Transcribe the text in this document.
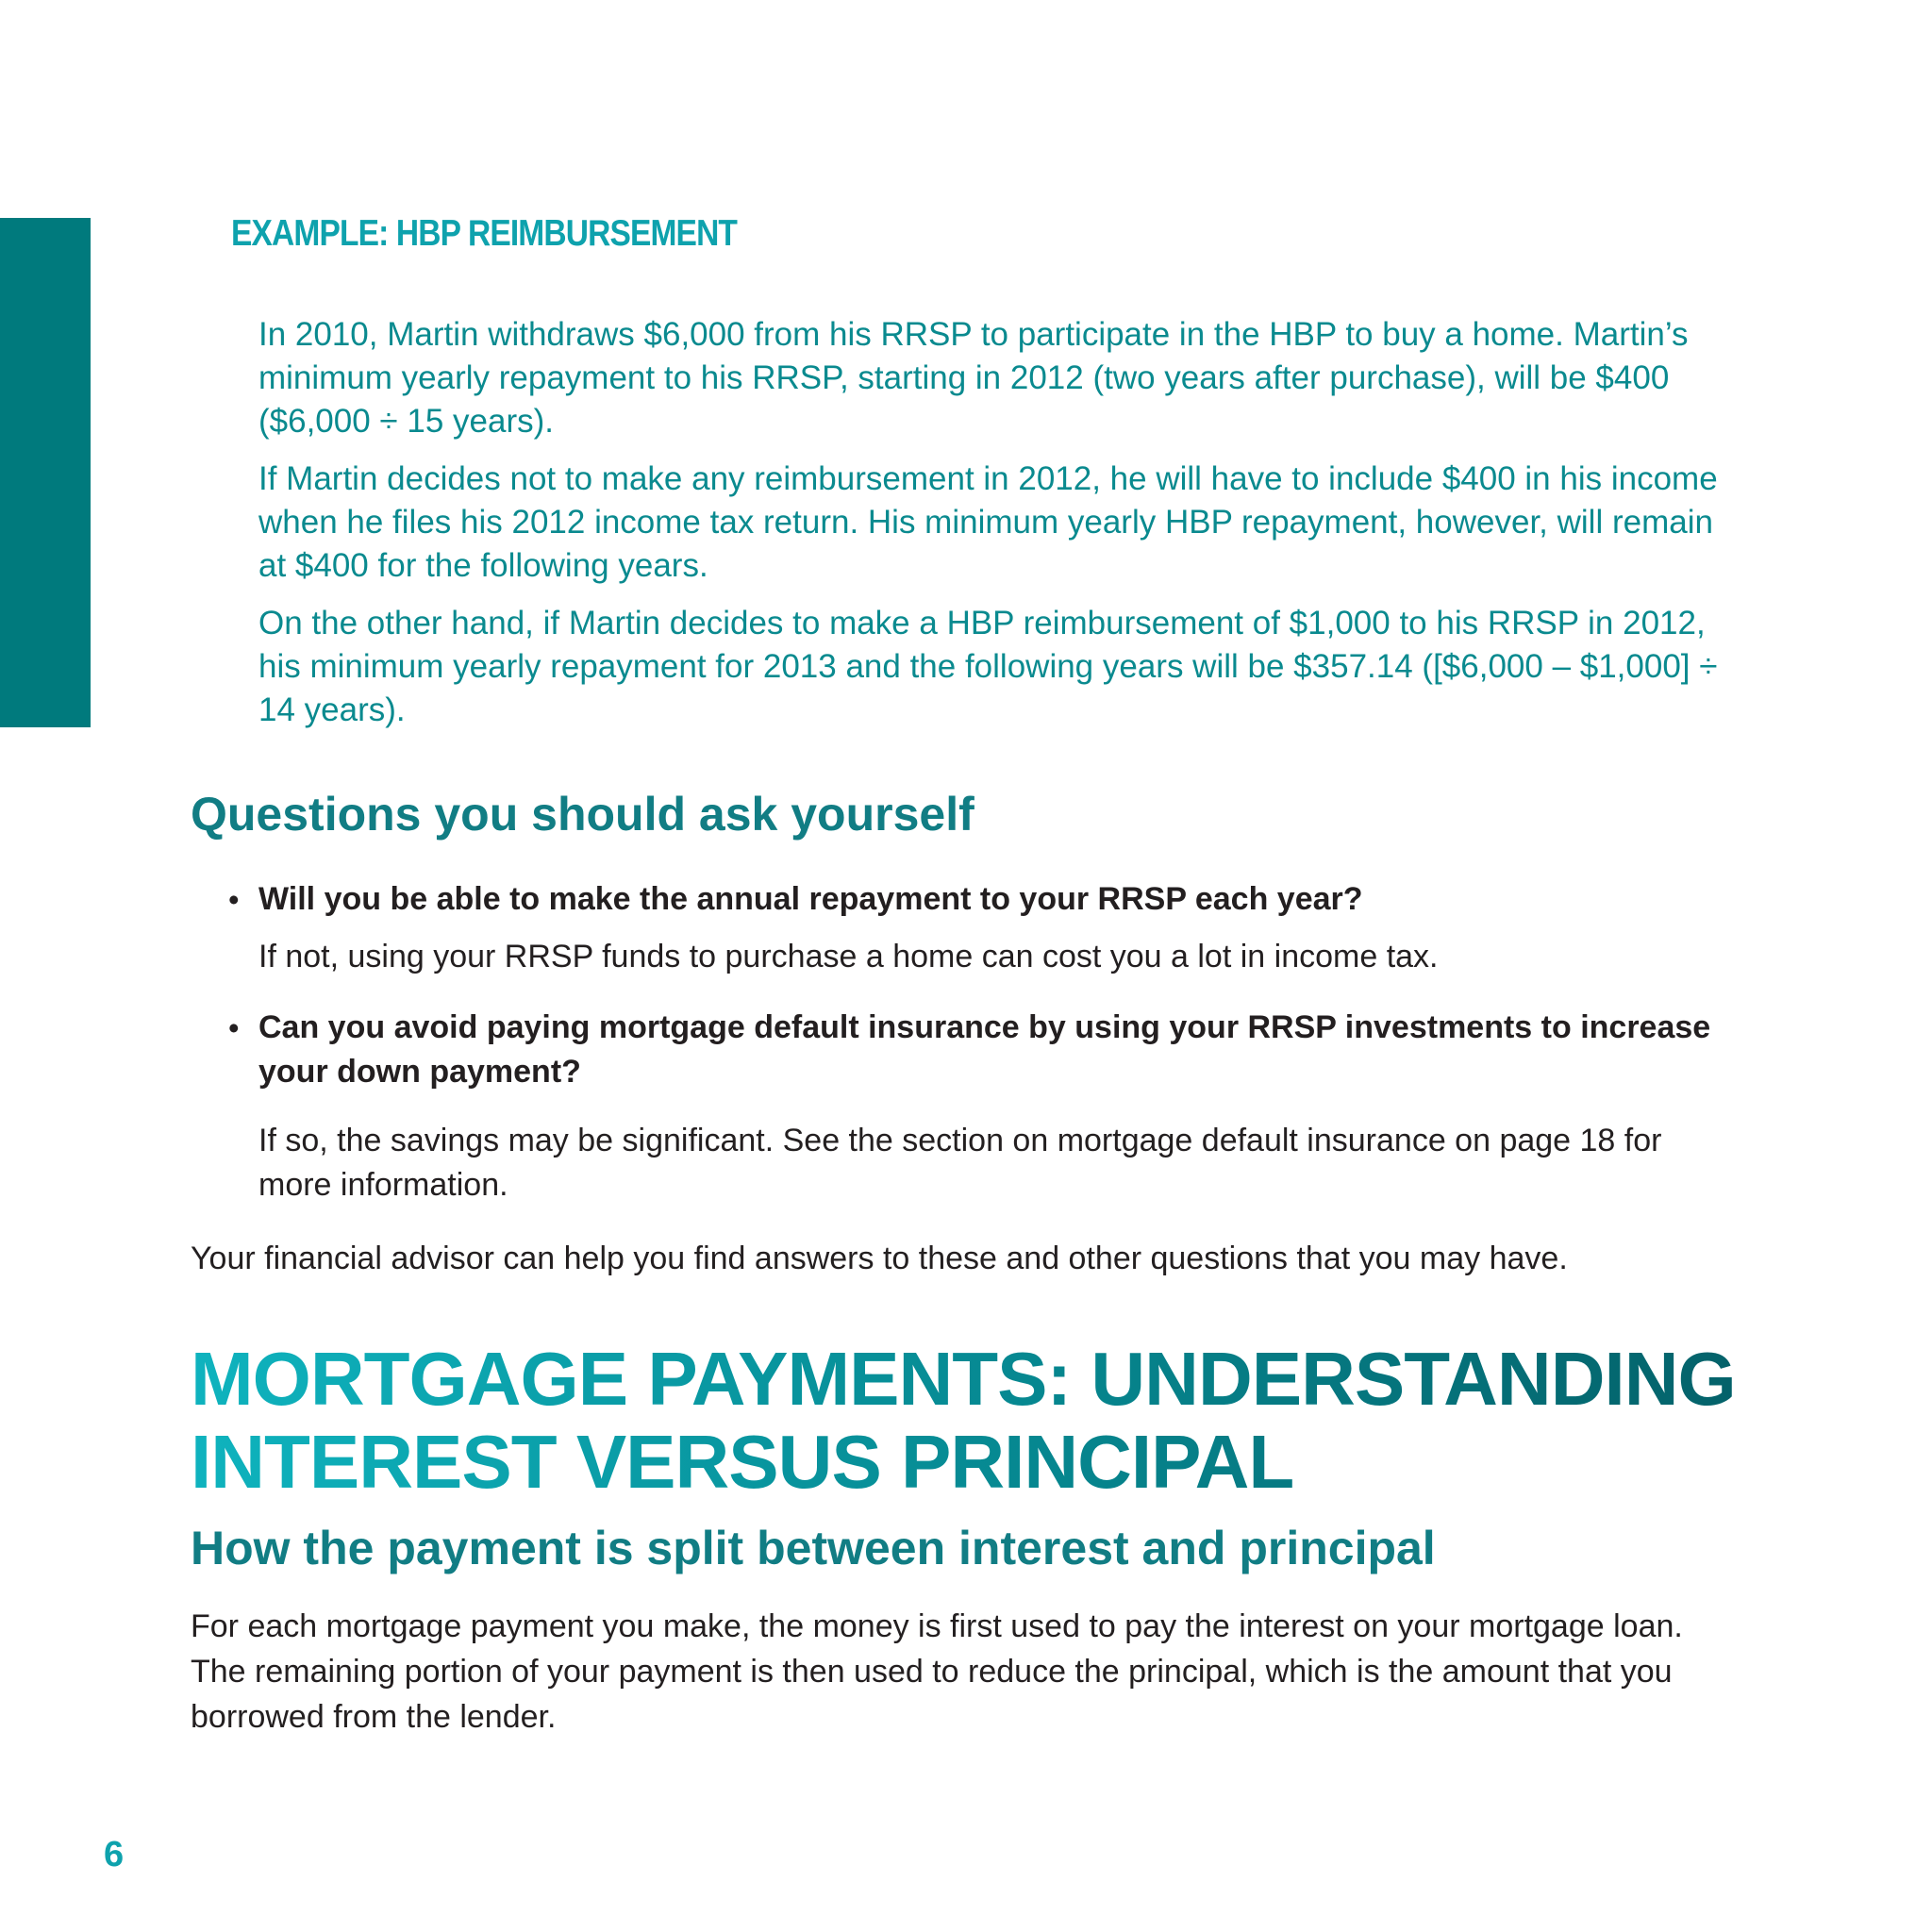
EXAMPLE: HBP REIMBURSEMENT

In 2010, Martin withdraws $6,000 from his RRSP to participate in the HBP to buy a home. Martin’s minimum yearly repayment to his RRSP, starting in 2012 (two years after purchase), will be $400 ($6,000 ÷ 15 years).

If Martin decides not to make any reimbursement in 2012, he will have to include $400 in his income when he files his 2012 income tax return. His minimum yearly HBP repayment, however, will remain at $400 for the following years.

On the other hand, if Martin decides to make a HBP reimbursement of $1,000 to his RRSP in 2012, his minimum yearly repayment for 2013 and the following years will be $357.14 ([$6,000 – $1,000] ÷ 14 years).

Questions you should ask yourself
• Will you be able to make the annual repayment to your RRSP each year?

If not, using your RRSP funds to purchase a home can cost you a lot in income tax.

• Can you avoid paying mortgage default insurance by using your RRSP investments to increase your down payment?

If so, the savings may be significant. See the section on mortgage default insurance on page 18 for more information.

Your financial advisor can help you find answers to these and other questions that you may have.

MORTGAGE PAYMENTS: UNDERSTANDING
INTEREST VERSUS PRINCIPAL
How the payment is split between interest and principal

For each mortgage payment you make, the money is first used to pay the interest on your mortgage loan. The remaining portion of your payment is then used to reduce the principal, which is the amount that you borrowed from the lender.

6
